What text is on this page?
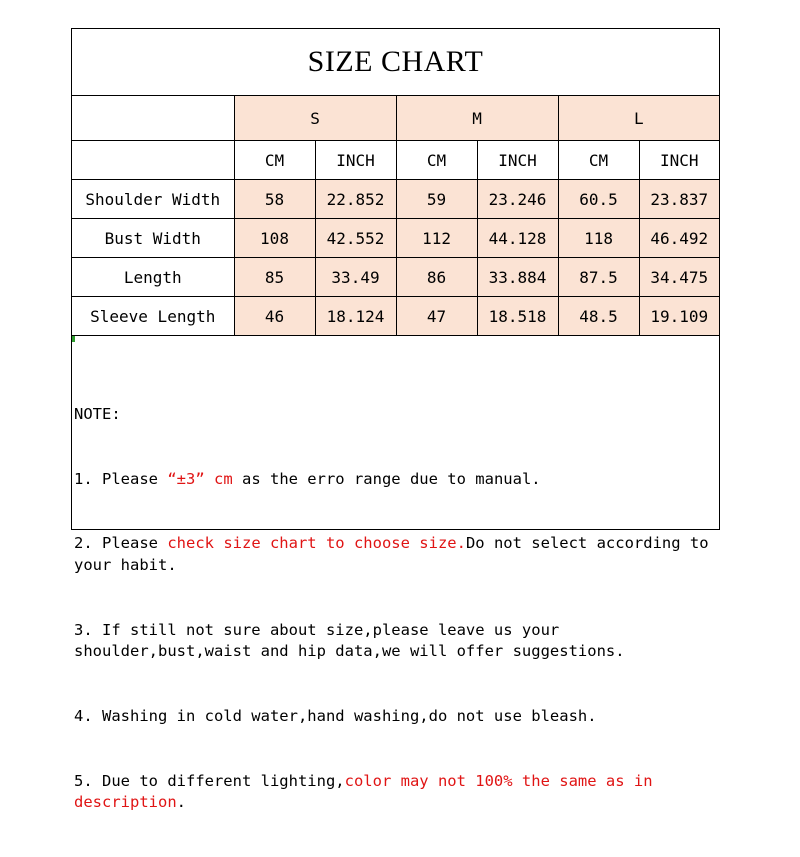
SIZE CHART
	S		M		L	
	CM	INCH	CM	INCH	CM	INCH
Shoulder Width	58	22.852	59	23.246	60.5	23.837
Bust Width	108	42.552	112	44.128	118	46.492
Length	85	33.49	86	33.884	87.5	34.475
Sleeve Length	46	18.124	47	18.518	48.5	19.109

NOTE:

1. Please “±3” cm as the erro range due to manual.

2. Please check size chart to choose size.Do not select according to your habit.

3. If still not sure about size,please leave us your shoulder,bust,waist and hip data,we will offer suggestions.

4. Washing in cold water,hand washing,do not use bleash.

5. Due to different lighting,color may not 100% the same as in description.
